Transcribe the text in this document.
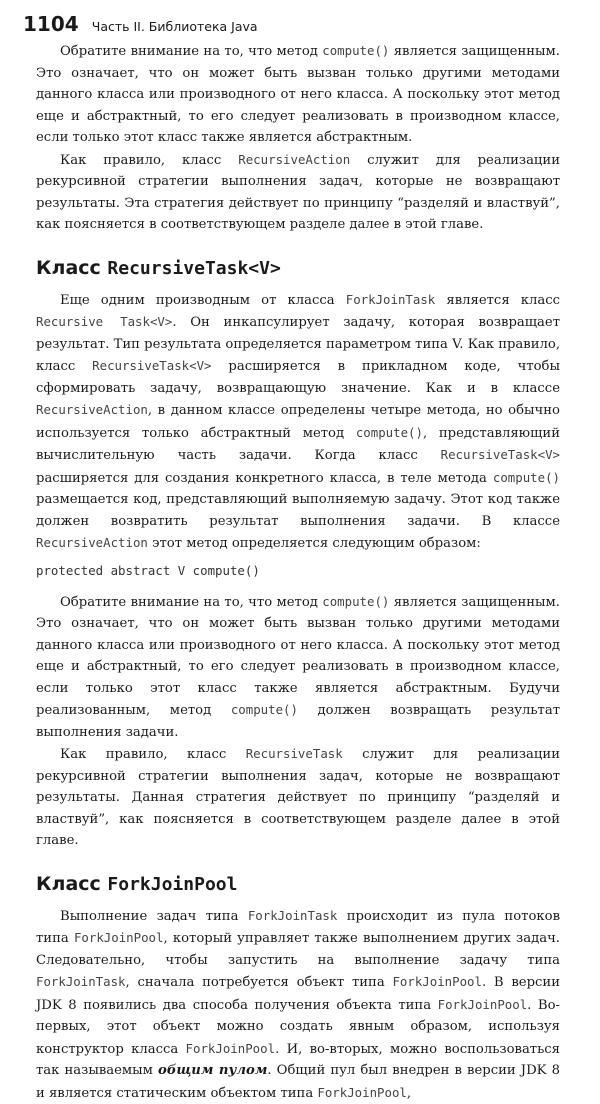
1104 Часть II. Библиотека Java

Обратите внимание на то, что метод compute() является защищенным. Это означает, что он может быть вызван только другими методами данного класса или производного от него класса. А поскольку этот метод еще и абстрактный, то его следует реализовать в производном классе, если только этот класс также является абстрактным.

Как правило, класс RecursiveAction служит для реализации рекурсивной стратегии выполнения задач, которые не возвращают результаты. Эта стратегия действует по принципу “разделяй и властвуй”, как поясняется в соответствующем разделе далее в этой главе.

Класс RecursiveTask<V>

Еще одним производным от класса ForkJoinTask является класс Recursive Task<V>. Он инкапсулирует задачу, которая возвращает результат. Тип результата определяется параметром типа V. Как правило, класс RecursiveTask<V> расширяется в прикладном коде, чтобы сформировать задачу, возвращающую значение. Как и в классе RecursiveAction, в данном классе определены четыре метода, но обычно используется только абстрактный метод compute(), представляющий вычислительную часть задачи. Когда класс RecursiveTask<V> расширяется для создания конкретного класса, в теле метода compute() размещается код, представляющий выполняемую задачу. Этот код также должен возвратить результат выполнения задачи. В классе RecursiveAction этот метод определяется следующим образом:

protected abstract V compute()

Обратите внимание на то, что метод compute() является защищенным. Это означает, что он может быть вызван только другими методами данного класса или производного от него класса. А поскольку этот метод еще и абстрактный, то его следует реализовать в производном классе, если только этот класс также является абстрактным. Будучи реализованным, метод compute() должен возвращать результат выполнения задачи.

Как правило, класс RecursiveTask служит для реализации рекурсивной стратегии выполнения задач, которые не возвращают результаты. Данная стратегия действует по принципу “разделяй и властвуй”, как поясняется в соответствующем разделе далее в этой главе.

Класс ForkJoinPool

Выполнение задач типа ForkJoinTask происходит из пула потоков типа ForkJoinPool, который управляет также выполнением других задач. Следовательно, чтобы запустить на выполнение задачу типа ForkJoinTask, сначала потребуется объект типа ForkJoinPool. В версии JDK 8 появились два способа получения объекта типа ForkJoinPool. Во-первых, этот объект можно создать явным образом, используя конструктор класса ForkJoinPool. И, во-вторых, можно воспользоваться так называемым общим пулом. Общий пул был внедрен в версии JDK 8 и является статическим объектом типа ForkJoinPool,
